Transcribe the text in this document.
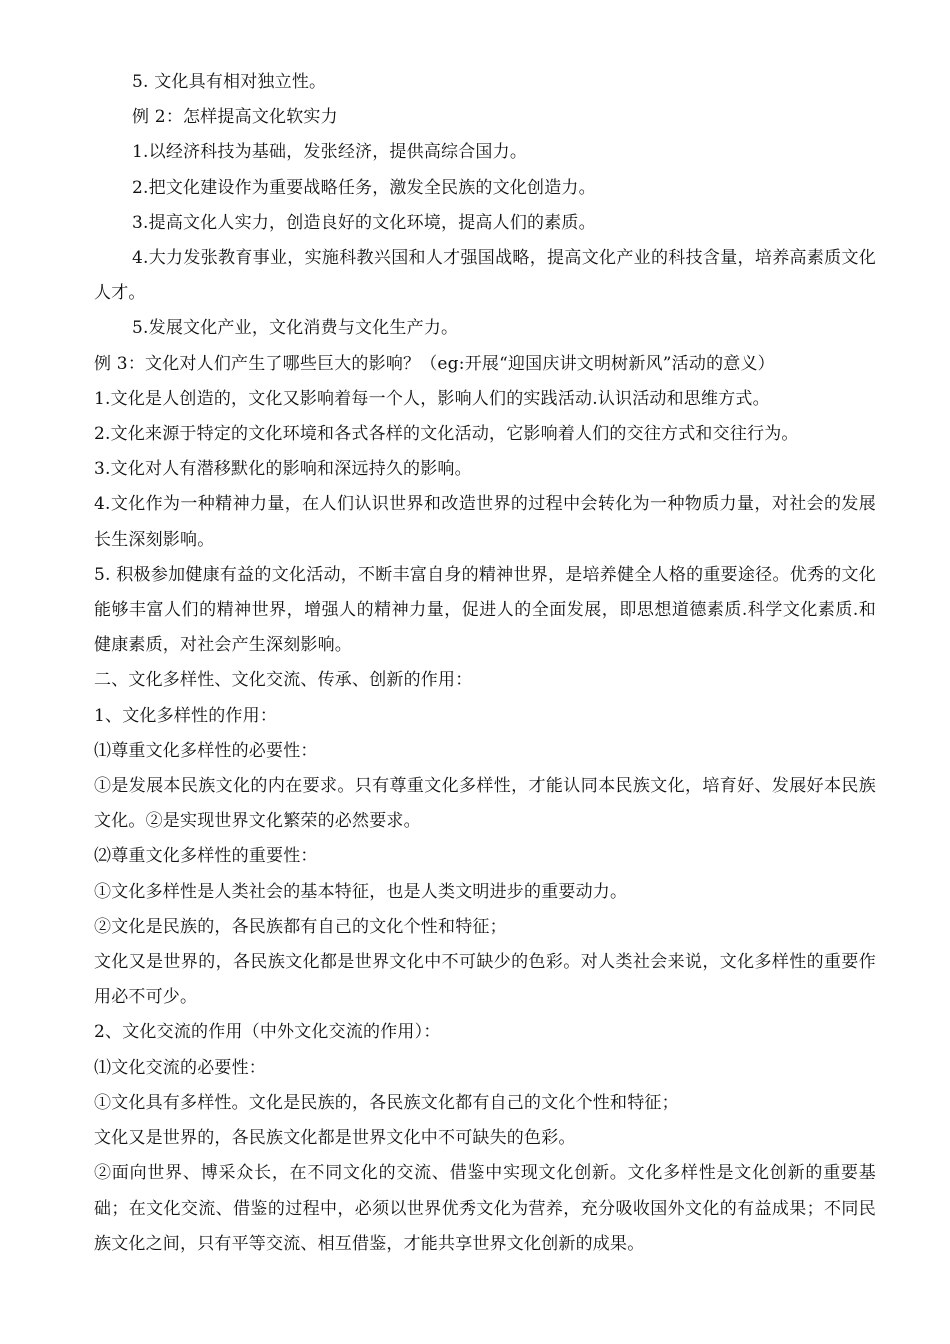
5. 文化具有相对独立性。

例 2：怎样提高文化软实力

1.以经济科技为基础，发张经济，提供高综合国力。

2.把文化建设作为重要战略任务，激发全民族的文化创造力。

3.提高文化人实力，创造良好的文化环境，提高人们的素质。

4.大力发张教育事业，实施科教兴国和人才强国战略，提高文化产业的科技含量，培养高素质文化人才。

5.发展文化产业，文化消费与文化生产力。

例 3：文化对人们产生了哪些巨大的影响？（eg:开展“迎国庆讲文明树新风”活动的意义）

1.文化是人创造的，文化又影响着每一个人，影响人们的实践活动.认识活动和思维方式。

2.文化来源于特定的文化环境和各式各样的文化活动，它影响着人们的交往方式和交往行为。

3.文化对人有潜移默化的影响和深远持久的影响。

4.文化作为一种精神力量，在人们认识世界和改造世界的过程中会转化为一种物质力量，对社会的发展长生深刻影响。

5. 积极参加健康有益的文化活动，不断丰富自身的精神世界，是培养健全人格的重要途径。优秀的文化能够丰富人们的精神世界，增强人的精神力量，促进人的全面发展，即思想道德素质.科学文化素质.和健康素质，对社会产生深刻影响。

二、文化多样性、文化交流、传承、创新的作用：

1、文化多样性的作用：

⑴尊重文化多样性的必要性：

①是发展本民族文化的内在要求。只有尊重文化多样性，才能认同本民族文化，培育好、发展好本民族文化。②是实现世界文化繁荣的必然要求。

⑵尊重文化多样性的重要性：

①文化多样性是人类社会的基本特征，也是人类文明进步的重要动力。

②文化是民族的，各民族都有自己的文化个性和特征；

文化又是世界的，各民族文化都是世界文化中不可缺少的色彩。对人类社会来说，文化多样性的重要作用必不可少。

2、文化交流的作用（中外文化交流的作用）：

⑴文化交流的必要性：

①文化具有多样性。文化是民族的，各民族文化都有自己的文化个性和特征；

文化又是世界的，各民族文化都是世界文化中不可缺失的色彩。

②面向世界、博采众长，在不同文化的交流、借鉴中实现文化创新。文化多样性是文化创新的重要基础；在文化交流、借鉴的过程中，必须以世界优秀文化为营养，充分吸收国外文化的有益成果；不同民族文化之间，只有平等交流、相互借鉴，才能共享世界文化创新的成果。
